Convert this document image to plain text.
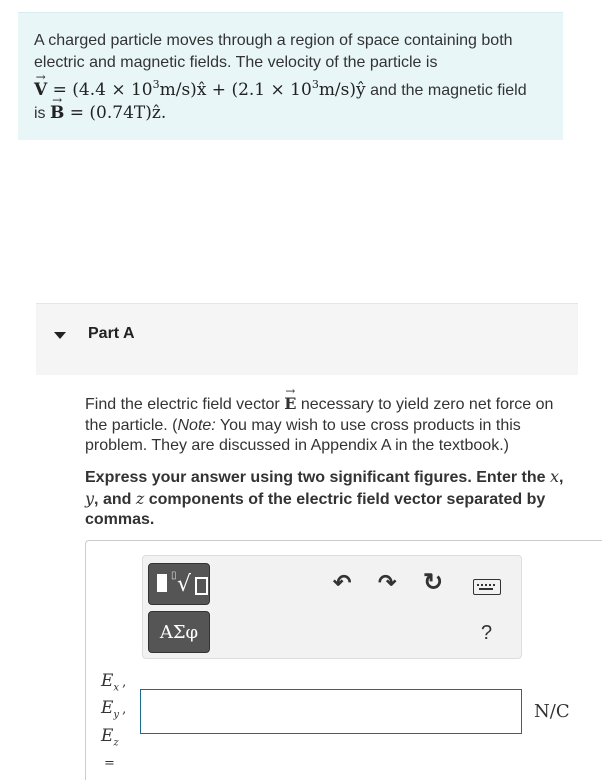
A charged particle moves through a region of space containing both
electric and magnetic fields. The velocity of the particle is
→ $V = (4.4 \times 10^3m/s)x̂ + (2.1$ × $10^3m/s)ŷ$ and the magnetic field
is → B = (0.74T)ẑ.
Part A
Find the electric field vector → E necessary to yield zero net force on the particle. (Note: You may wish to use cross products in this problem. They are discussed in Appendix A in the textbook.)
Express your answer using two significant figures. Enter the x, y, and z components of the electric field vector separated by commas.
▯ √
ΑΣφ
↶ ↷ ↻
?
$E_x$ ,
$E_y$ ,
$E_z$
=
N/C
